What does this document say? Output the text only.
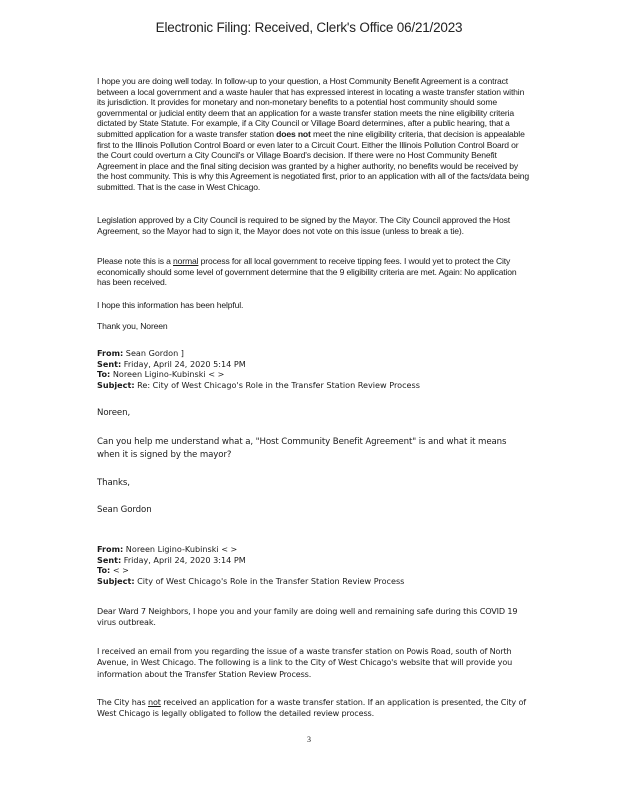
Electronic Filing: Received, Clerk's Office 06/21/2023

I hope you are doing well today. In follow-up to your question, a Host Community Benefit Agreement is a contract between a local government and a waste hauler that has expressed interest in locating a waste transfer station within its jurisdiction. It provides for monetary and non-monetary benefits to a potential host community should some governmental or judicial entity deem that an application for a waste transfer station meets the nine eligibility criteria dictated by State Statute. For example, if a City Council or Village Board determines, after a public hearing, that a submitted application for a waste transfer station does not meet the nine eligibility criteria, that decision is appealable first to the Illinois Pollution Control Board or even later to a Circuit Court. Either the Illinois Pollution Control Board or the Court could overturn a City Council's or Village Board's decision. If there were no Host Community Benefit Agreement in place and the final siting decision was granted by a higher authority, no benefits would be received by the host community. This is why this Agreement is negotiated first, prior to an application with all of the facts/data being submitted. That is the case in West Chicago.

Legislation approved by a City Council is required to be signed by the Mayor. The City Council approved the Host Agreement, so the Mayor had to sign it, the Mayor does not vote on this issue (unless to break a tie).

Please note this is a normal process for all local government to receive tipping fees. I would yet to protect the City economically should some level of government determine that the 9 eligibility criteria are met. Again: No application has been received.

I hope this information has been helpful.

Thank you, Noreen

From: Sean Gordon ]

Sent: Friday, April 24, 2020 5:14 PM

To: Noreen Ligino-Kubinski < >

Subject: Re: City of West Chicago's Role in the Transfer Station Review Process

Noreen,

Can you help me understand what a, "Host Community Benefit Agreement" is and what it means when it is signed by the mayor?

Thanks,

Sean Gordon

From: Noreen Ligino-Kubinski < >

Sent: Friday, April 24, 2020 3:14 PM

To: < >

Subject: City of West Chicago's Role in the Transfer Station Review Process

Dear Ward 7 Neighbors, I hope you and your family are doing well and remaining safe during this COVID 19 virus outbreak.

I received an email from you regarding the issue of a waste transfer station on Powis Road, south of North Avenue, in West Chicago. The following is a link to the City of West Chicago's website that will provide you information about the Transfer Station Review Process.

The City has not received an application for a waste transfer station. If an application is presented, the City of West Chicago is legally obligated to follow the detailed review process.

3
